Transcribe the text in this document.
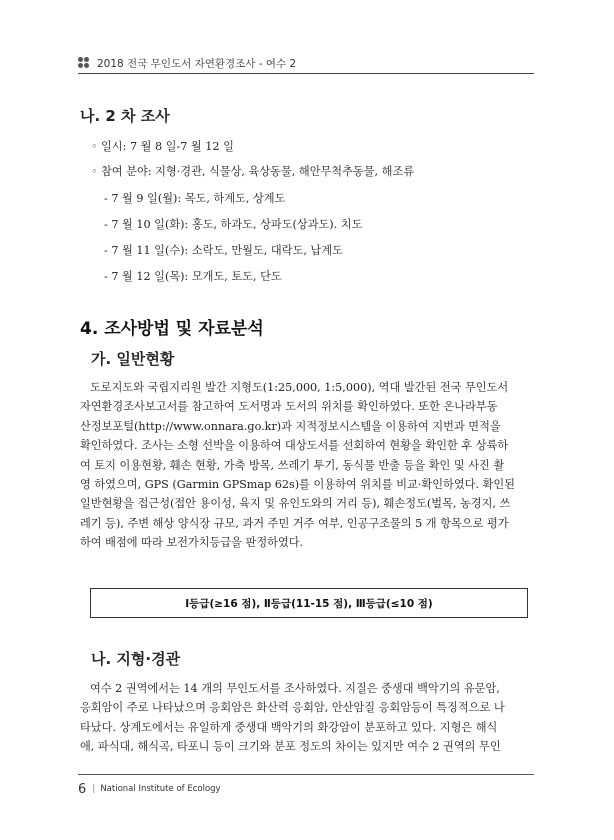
2018 전국 무인도서 자연환경조사 - 여수 2
나. 2 차 조사
◦ 일시: 7 월 8 일-7 월 12 일
◦ 참여 분야: 지형·경관, 식물상, 육상동물, 해안무척추동물, 해조류
- 7 월 9 일(월): 목도, 하계도, 상계도
- 7 월 10 일(화): 홍도, 하과도, 상파도(상과도). 치도
- 7 월 11 일(수): 소락도, 만월도, 대락도, 납계도
- 7 월 12 일(목): 모개도, 토도, 단도
4. 조사방법 및 자료분석
가. 일반현황
도로지도와 국립지리원 발간 지형도(1:25,000, 1:5,000), 역대 발간된 전국 무인도서
자연환경조사보고서를 참고하여 도서명과 도서의 위치를 확인하였다. 또한 온나라부동
산정보포털(http://www.onnara.go.kr)과 지적정보시스템을 이용하여 지번과 면적을
확인하였다. 조사는 소형 선박을 이용하여 대상도서를 선회하여 현황을 확인한 후 상륙하
여 토지 이용현황, 훼손 현황, 가축 방목, 쓰레기 투기, 동식물 반출 등을 확인 및 사진 촬
영 하였으며, GPS (Garmin GPSmap 62s)를 이용하여 위치를 비교·확인하였다. 확인된
일반현황을 접근성(접안 용이성, 육지 및 유인도와의 거리 등), 훼손정도(벌목, 농경지, 쓰
레기 등), 주변 해상 양식장 규모, 과거 주민 거주 여부, 인공구조물의 5 개 항목으로 평가
하여 배점에 따라 보전가치등급을 판정하였다.
Ⅰ등급(≥16 점), Ⅱ등급(11-15 점), Ⅲ등급(≤10 점)
나. 지형·경관
여수 2 권역에서는 14 개의 무인도서를 조사하였다. 지질은 중생대 백악기의 유문암,
응회암이 주로 나타났으며 응회암은 화산력 응회암, 안산암질 응회암등이 특징적으로 나
타났다. 상계도에서는 유일하게 중생대 백악기의 화강암이 분포하고 있다. 지형은 해식
애, 파식대, 해식곡, 타포니 등이 크기와 분포 정도의 차이는 있지만 여수 2 권역의 무인
6 | National Institute of Ecology
